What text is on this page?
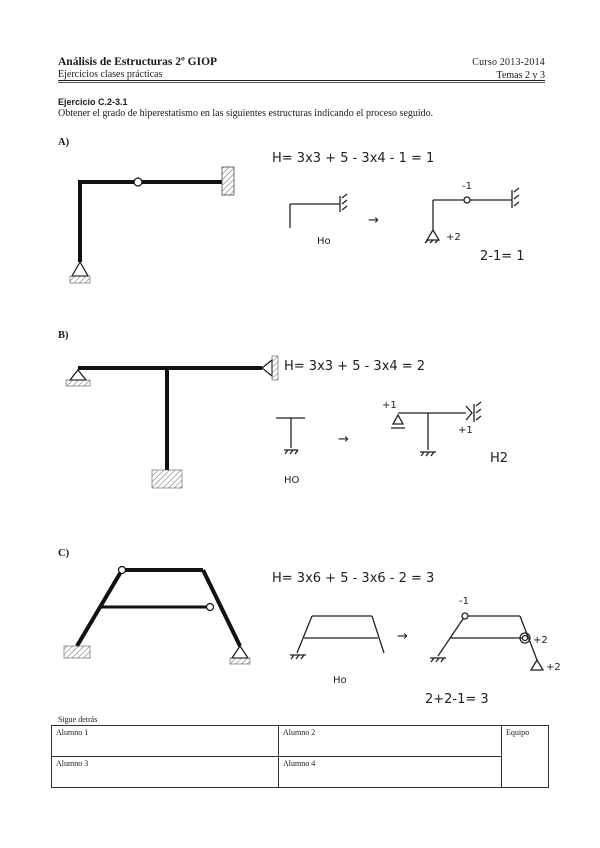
Análisis de Estructuras 2º GIOP
Ejercicios clases prácticas
Curso 2013-2014
Temas 2 y 3
Ejercicio C.2-3.1
Obtener el grado de hiperestatismo en las siguientes estructuras indicando el proceso seguido.
A)
B)
C)
Ho
→
-1
+2
H= 3x3 + 5 - 3x4 - 1 = 1
2-1= 1
H= 3x3 + 5 - 3x4 = 2
HO
→
+1
+1
H2
H= 3x6 + 5 - 3x6 - 2 = 3
Ho
→
-1
+2
+2
2+2-1= 3
Sigue detrás
Alumno 1	Alumno 2	Equipo
Alumno 3	Alumno 4	
